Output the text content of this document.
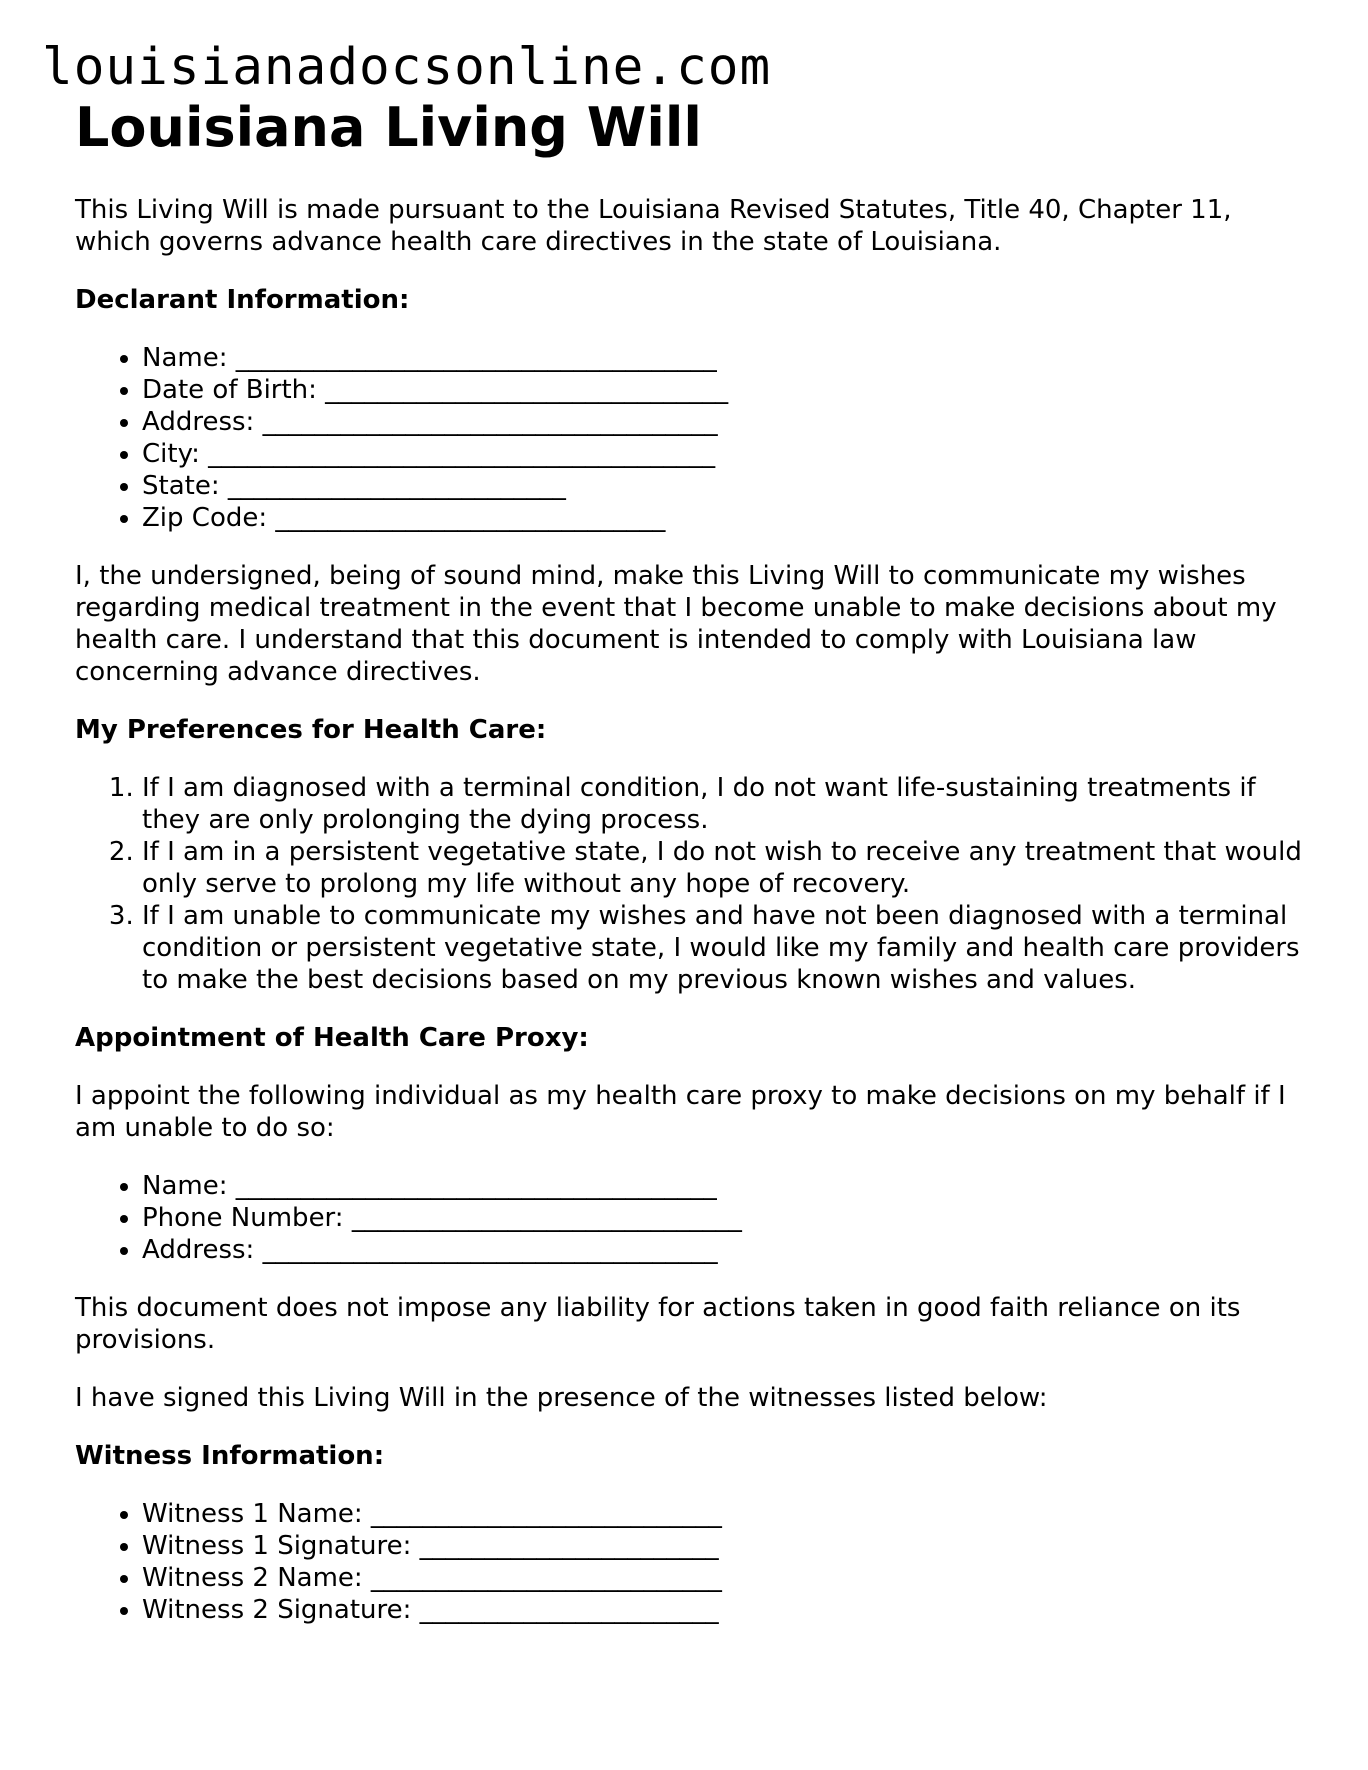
louisianadocsonline.com
Louisiana Living Will

This Living Will is made pursuant to the Louisiana Revised Statutes, Title 40, Chapter 11, which governs advance health care directives in the state of Louisiana.

Declarant Information:
• Name: _____________________________________
• Date of Birth: _______________________________
• Address: ___________________________________
• City: _______________________________________
• State: __________________________
• Zip Code: ______________________________

I, the undersigned, being of sound mind, make this Living Will to communicate my wishes regarding medical treatment in the event that I become unable to make decisions about my health care. I understand that this document is intended to comply with Louisiana law concerning advance directives.

My Preferences for Health Care:
1. If I am diagnosed with a terminal condition, I do not want life-sustaining treatments if they are only prolonging the dying process.
2. If I am in a persistent vegetative state, I do not wish to receive any treatment that would only serve to prolong my life without any hope of recovery.
3. If I am unable to communicate my wishes and have not been diagnosed with a terminal condition or persistent vegetative state, I would like my family and health care providers to make the best decisions based on my previous known wishes and values.
Appointment of Health Care Proxy:

I appoint the following individual as my health care proxy to make decisions on my behalf if I am unable to do so:

• Name: _____________________________________
• Phone Number: ______________________________
• Address: ___________________________________

This document does not impose any liability for actions taken in good faith reliance on its provisions.

I have signed this Living Will in the presence of the witnesses listed below:

Witness Information:
• Witness 1 Name: ___________________________
• Witness 1 Signature: _______________________
• Witness 2 Name: ___________________________
• Witness 2 Signature: _______________________
